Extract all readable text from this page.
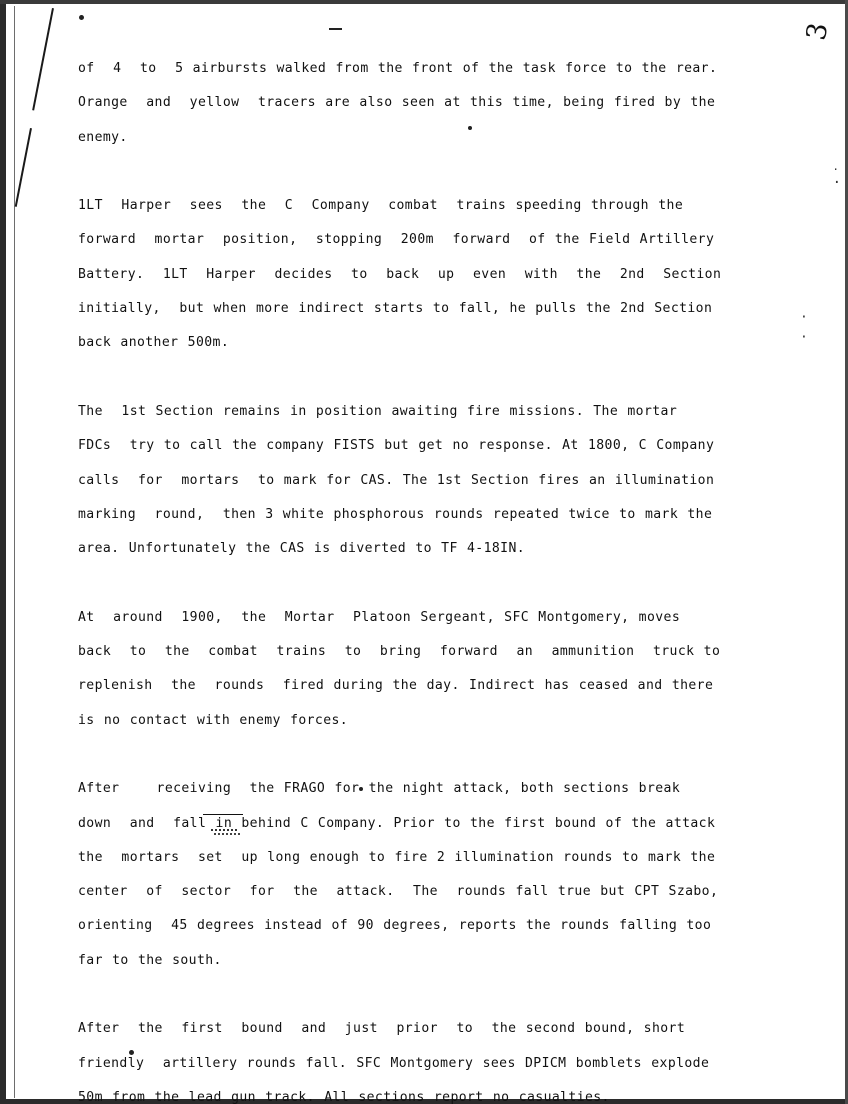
3
.
·
·
·

of  4  to  5 airbursts walked from the front of the task force to the rear.
Orange  and  yellow  tracers are also seen at this time, being fired by the
enemy.

1LT  Harper  sees  the  C  Company  combat  trains speeding through the
forward  mortar  position,  stopping  200m  forward  of the Field Artillery
Battery.  1LT  Harper  decides  to  back  up  even  with  the  2nd  Section
initially,  but when more indirect starts to fall, he pulls the 2nd Section
back another 500m.

The  1st Section remains in position awaiting fire missions. The mortar
FDCs  try to call the company FISTS but get no response. At 1800, C Company
calls  for  mortars  to mark for CAS. The 1st Section fires an illumination
marking  round,  then 3 white phosphorous rounds repeated twice to mark the
area. Unfortunately the CAS is diverted to TF 4-18IN.

At  around  1900,  the  Mortar  Platoon Sergeant, SFC Montgomery, moves
back  to  the  combat  trains  to  bring  forward  an  ammunition  truck to
replenish  the  rounds  fired during the day. Indirect has ceased and there
is no contact with enemy forces.

After    receiving  the FRAGO for the night attack, both sections break
down  and  fall in behind C Company. Prior to the first bound of the attack
the  mortars  set  up long enough to fire 2 illumination rounds to mark the
center  of  sector  for  the  attack.  The  rounds fall true but CPT Szabo,
orienting  45 degrees instead of 90 degrees, reports the rounds falling too
far to the south.

After  the  first  bound  and  just  prior  to  the second bound, short
friendly  artillery rounds fall. SFC Montgomery sees DPICM bomblets explode
50m from the lead gun track. All sections report no casualties.
